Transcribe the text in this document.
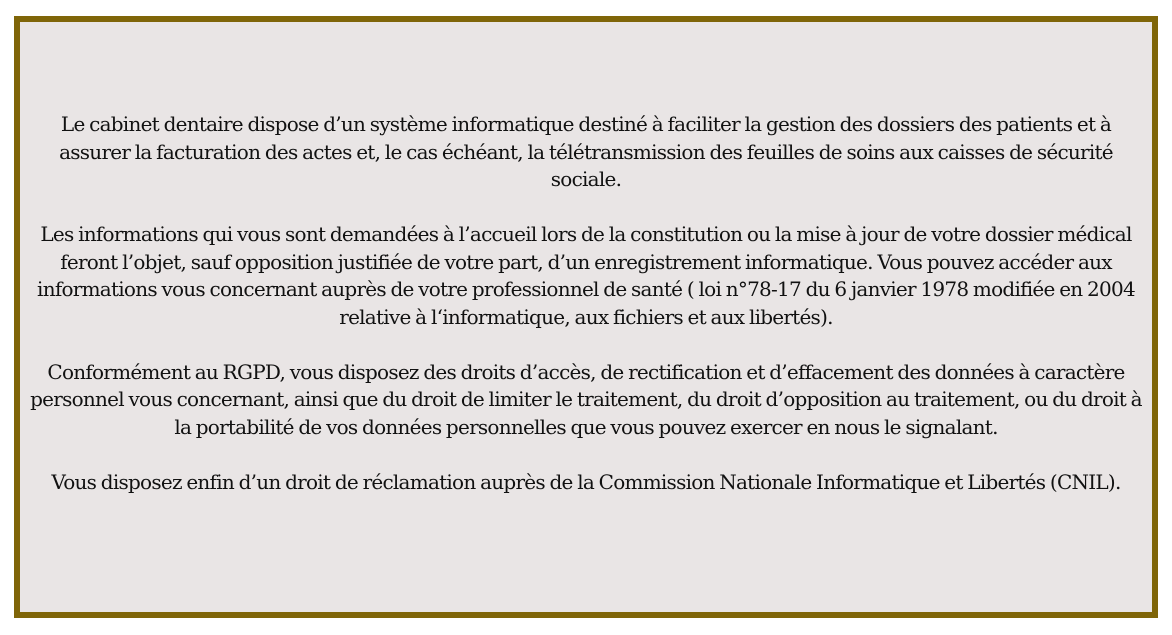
Le cabinet dentaire dispose d’un système informatique destiné à faciliter la gestion des dossiers des patients et à assurer la facturation des actes et, le cas échéant, la télétransmission des feuilles de soins aux caisses de sécurité sociale.

Les informations qui vous sont demandées à l’accueil lors de la constitution ou la mise à jour de votre dossier médical feront l’objet, sauf opposition justifiée de votre part, d’un enregistrement informatique. Vous pouvez accéder aux informations vous concernant auprès de votre professionnel de santé ( loi n°78-17 du 6 janvier 1978 modifiée en 2004 relative à l‘informatique, aux fichiers et aux libertés).

Conformément au RGPD, vous disposez des droits d’accès, de rectification et d’effacement des données à caractère personnel vous concernant, ainsi que du droit de limiter le traitement, du droit d’opposition au traitement, ou du droit à la portabilité de vos données personnelles que vous pouvez exercer en nous le signalant.

Vous disposez enfin d’un droit de réclamation auprès de la Commission Nationale Informatique et Libertés (CNIL).
